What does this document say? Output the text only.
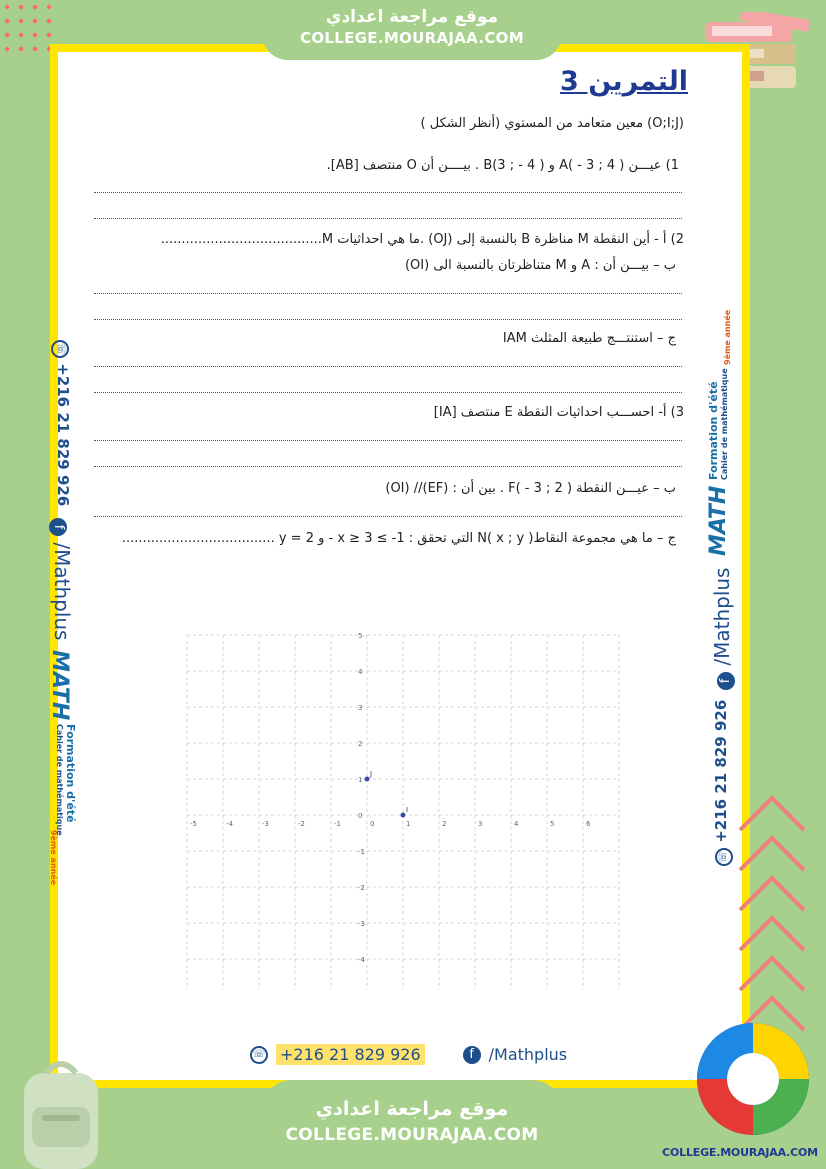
موقع مراجعة اعدادي
COLLEGE.MOURAJAA.COM
☏ +216 21 829 926
f /Mathplus
MATH
Formation d'été
Cahier de mathématique
9ème année
9ème année
Formation d'été Cahier de mathématique
MATH
f /Mathplus
☏ +216 21 829 926
التمرين 3
(O;I;J) معين متعامد من المستوي (أنظر الشكل )
1) عيـــن ( A( - 3 ; 4 و ( B(3 ; - 4 . بيــــن أن O منتصف [AB].
2) أ - أين النقطة M مناظرة B بالنسبة إلى (OJ) .ما هي احداثيات M.......................................
ب – بيـــن أن : A و M متناظرتان بالنسبة الى (OI)
ج – استنتـــج طبيعة المثلث IAM
3) أ- احســـب احداثيات النقطة E منتصف [IA]
ب – عيـــن النقطة ( F( - 3 ; 2 . بين أن : (EF)// (OI)
ج – ما هي مجموعة النقاط( N( x ; y التي تحقق : 1- ≥ x ≥ 3 - و y = 2 .....................................
-5	-4	-3	-2	-1	0	1	2	3	4	5	6
5
4
3
2
1
0
-1
-2
-3
-4
I
J
☏ +216 21 829 926	f /Mathplus
COLLEGE.MOURAJAA.COM
موقع مراجعة اعدادي
COLLEGE.MOURAJAA.COM
